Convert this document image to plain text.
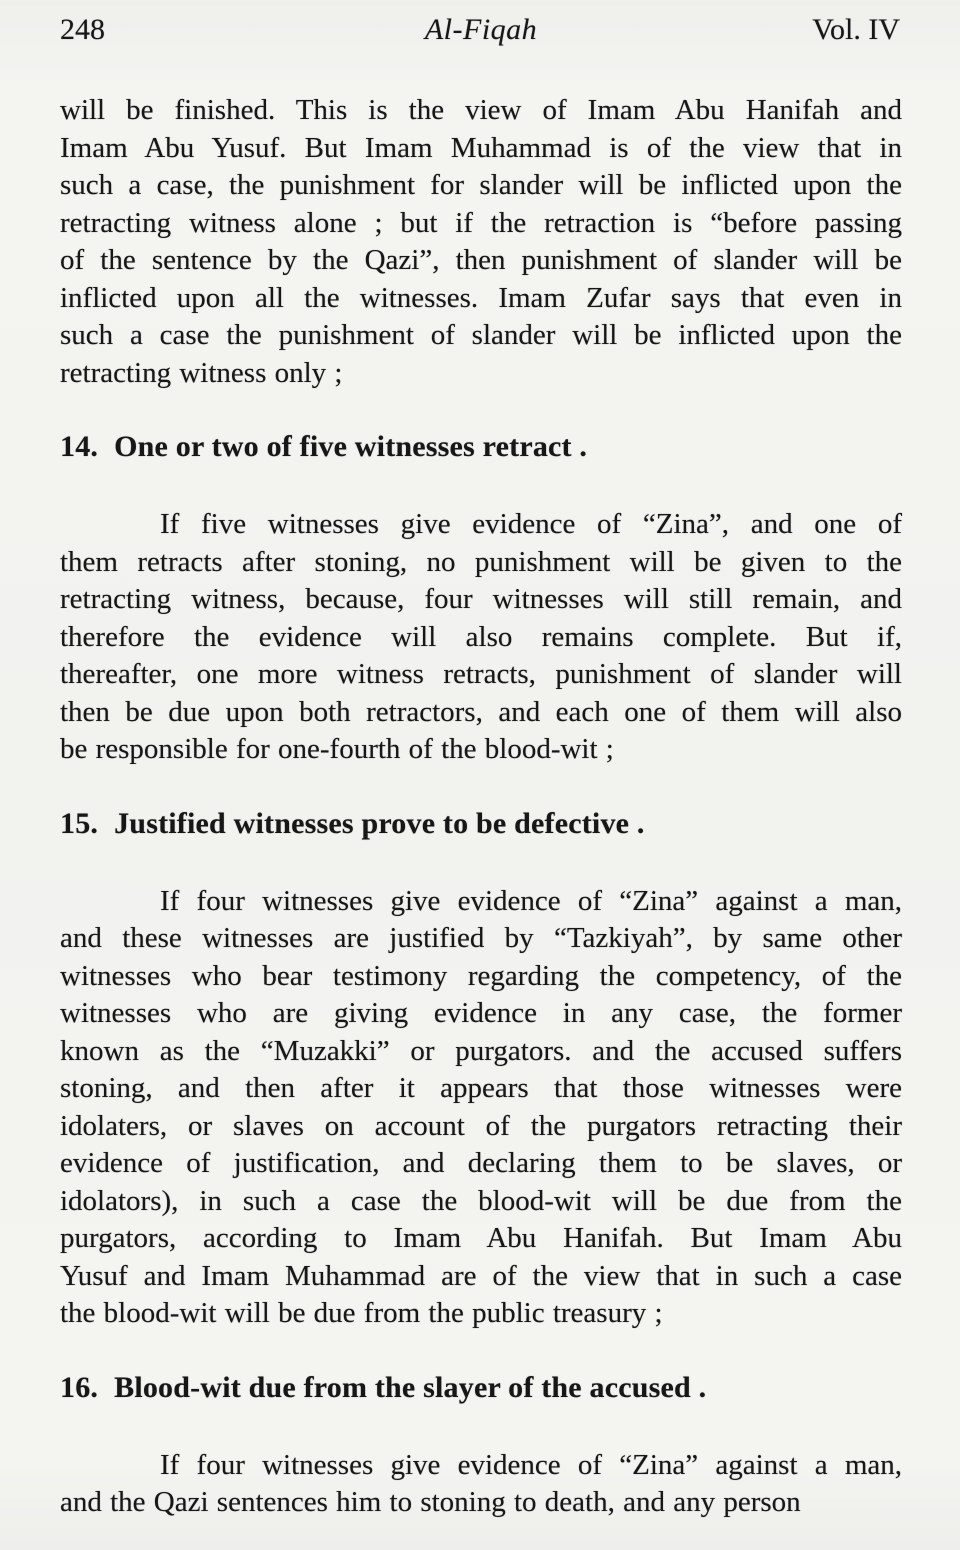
248	Al-Fiqah	Vol. IV

will be finished. This is the view of Imam Abu Hanifah and
Imam Abu Yusuf. But Imam Muhammad is of the view that in
such a case, the punishment for slander will be inflicted upon the
retracting witness alone ; but if the retraction is “before passing
of the sentence by the Qazi”, then punishment of slander will be
inflicted upon all the witnesses. Imam Zufar says that even in
such a case the punishment of slander will be inflicted upon the
retracting witness only ;

14. One or two of five witnesses retract .

If five witnesses give evidence of “Zina”, and one of
them retracts after stoning, no punishment will be given to the
retracting witness, because, four witnesses will still remain, and
therefore the evidence will also remains complete. But if,
thereafter, one more witness retracts, punishment of slander will
then be due upon both retractors, and each one of them will also
be responsible for one-fourth of the blood-wit ;

15. Justified witnesses prove to be defective .

If four witnesses give evidence of “Zina” against a man,
and these witnesses are justified by “Tazkiyah”, by same other
witnesses who bear testimony regarding the competency, of the
witnesses who are giving evidence in any case, the former
known as the “Muzakki” or purgators. and the accused suffers
stoning, and then after it appears that those witnesses were
idolaters, or slaves on account of the purgators retracting their
evidence of justification, and declaring them to be slaves, or
idolators), in such a case the blood-wit will be due from the
purgators, according to Imam Abu Hanifah. But Imam Abu
Yusuf and Imam Muhammad are of the view that in such a case
the blood-wit will be due from the public treasury ;

16. Blood-wit due from the slayer of the accused .

If four witnesses give evidence of “Zina” against a man,
and the Qazi sentences him to stoning to death, and any person
